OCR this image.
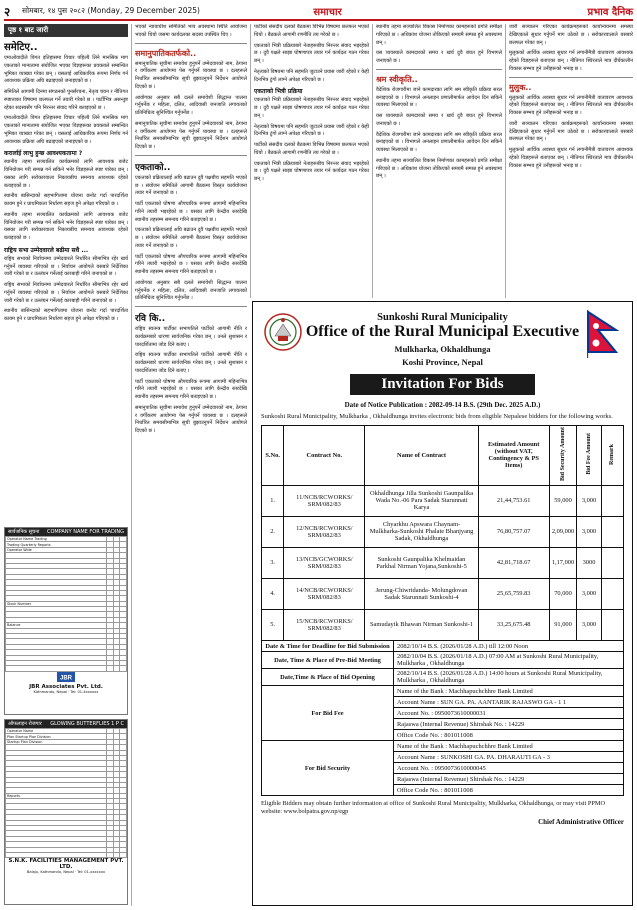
२	सोमबार, १४ पुस २०८२ (Monday, 29 December 2025)	समाचार	प्रभाव दैनिक
पृष्ठ १ बाट जारी
समेटिए..

एमाओवादीले विगत इतिहासमा विचार पहिल्यै लिने मानसिक माग एकताको मान्यतामा संयोजित भएका विज्ञहरूका प्रवक्ताले सम्बन्धित भूमिका व्याख्या गरेका छन् । यसलाई आधिकारिक रूपमा निर्णय गर्न आवश्यक प्रक्रिया अघि बढाइएको जनाइएको छ ।

समितिले आगामी दिनमा संगठनको पुनर्संरचना, नेतृत्व चयन र नीतिगत स्पष्टताका विषयमा छलफल गर्ने तयारी गरेको छ । पार्टीभित्र असन्तुष्ट रहेका सदस्यसँग पनि निरन्तर संवाद गरिने बताइएको छ ।

एमाओवादीले विगत इतिहासमा विचार पहिल्यै लिने मानसिक माग एकताको मान्यतामा संयोजित भएका विज्ञहरूका प्रवक्ताले सम्बन्धित भूमिका व्याख्या गरेका छन् । यसलाई आधिकारिक रूपमा निर्णय गर्न आवश्यक प्रक्रिया अघि बढाइएको जनाइएको छ ।

करार्लाई लाभु हुन्छ आवश्यकतामा ?

स्थानीय तहमा सञ्चालित कार्यक्रमको लागि आवश्यक बजेट विनियोजन गरी सम्पन्न गर्न सकिने भनेर विज्ञहरूले स्पष्ट पारेका छन् । यसका लागि सरोकारवाला निकायबीच समन्वय आवश्यक रहेको बताइएको छ ।

स्थानीय बासिन्दाको सहभागितामा योजना छनोट गर्दा पारदर्शिता कायम हुने र प्राथमिकता निर्धारण सहज हुने अपेक्षा गरिएको छ ।

स्थानीय तहमा सञ्चालित कार्यक्रमको लागि आवश्यक बजेट विनियोजन गरी सम्पन्न गर्न सकिने भनेर विज्ञहरूले स्पष्ट पारेका छन् । यसका लागि सरोकारवाला निकायबीच समन्वय आवश्यक रहेको बताइएको छ ।

राष्ट्रिय सभा उम्मेदवारले बढीमा सधै ...

राष्ट्रिय सभाको निर्वाचनमा उम्मेदवारले निर्धारित सीमाभित्र रहेर खर्च गर्नुपर्ने व्यवस्था गरिएको छ । निर्वाचन आयोगले यसबारे निर्देशिका जारी गरेको छ र उल्लंघन गर्नेलाई कारबाही गरिने जनाएको छ ।

राष्ट्रिय सभाको निर्वाचनमा उम्मेदवारले निर्धारित सीमाभित्र रहेर खर्च गर्नुपर्ने व्यवस्था गरिएको छ । निर्वाचन आयोगले यसबारे निर्देशिका जारी गरेको छ र उल्लंघन गर्नेलाई कारबाही गरिने जनाएको छ ।

स्थानीय बासिन्दाको सहभागितामा योजना छनोट गर्दा पारदर्शिता कायम हुने र प्राथमिकता निर्धारण सहज हुने अपेक्षा गरिएको छ ।

सार्वजनिक सूचना COMPANY NAME FOR TRADING
Operator Name Trading			
Trading Quarterly Reports			
Operator Wide			

Stock Number			

Balance			

JBR
JBR Associates Pvt. Ltd.
Kathmandu, Nepal · Tel: 01-4xxxxxx
ऑफलाइन रोजगार GLOWING BUTTERFLIES 1 P C
Operator Name			
Plan Startup Plan Division			
Startup Plan Division			

Reports			

S.N.K. FACILITIES MANAGEMENT PVT. LTD.
Balaju, Kathmandu, Nepal · Tel: 01-xxxxxxx

भएको न्यायाधीश समितिको भाव अवस्थामा स्थिति आयोजना भएको थियो जसमा कार्यदलका सदस्य उपस्थित थिए ।

समानुपातिकतर्फको..

समानुपातिक सूचीमा समावेश हुनुपर्ने उम्मेदवारको नाम, ठेगाना र वर्गीकरण आयोगमा पेस गर्नुपर्ने व्यवस्था छ । दलहरूले निर्धारित समयसीमाभित्र सूची बुझाउनुपर्ने निर्देशन आयोगले दिएको छ ।

आयोगका अनुसार सबै दलले समावेशी सिद्धान्त पालना गर्नुपर्नेछ र महिला, दलित, आदिवासी जनजाति लगायतको प्रतिनिधित्व सुनिश्चित गर्नुपर्नेछ ।

समानुपातिक सूचीमा समावेश हुनुपर्ने उम्मेदवारको नाम, ठेगाना र वर्गीकरण आयोगमा पेस गर्नुपर्ने व्यवस्था छ । दलहरूले निर्धारित समयसीमाभित्र सूची बुझाउनुपर्ने निर्देशन आयोगले दिएको छ ।

एकताको..

एकताको प्रक्रियालाई अघि बढाउन दुवै पक्षबीच सहमति भएको छ । संयोजन समितिले आगामी बैठकमा विस्तृत कार्ययोजना तयार गर्ने जनाएको छ ।

पार्टी एकताको घोषणा औपचारिक रूपमा आगामी महिनाभित्र गरिने तयारी भइरहेको छ । यसका लागि केन्द्रीय स्तरदेखि स्थानीय तहसम्म समन्वय गरिने बताइएको छ ।

एकताको प्रक्रियालाई अघि बढाउन दुवै पक्षबीच सहमति भएको छ । संयोजन समितिले आगामी बैठकमा विस्तृत कार्ययोजना तयार गर्ने जनाएको छ ।

पार्टी एकताको घोषणा औपचारिक रूपमा आगामी महिनाभित्र गरिने तयारी भइरहेको छ । यसका लागि केन्द्रीय स्तरदेखि स्थानीय तहसम्म समन्वय गरिने बताइएको छ ।

आयोगका अनुसार सबै दलले समावेशी सिद्धान्त पालना गर्नुपर्नेछ र महिला, दलित, आदिवासी जनजाति लगायतको प्रतिनिधित्व सुनिश्चित गर्नुपर्नेछ ।

रवि कि..

राष्ट्रिय स्वतन्त्र पार्टीका सभापतिले पार्टीको आगामी नीति र कार्यक्रमबारे धारणा सार्वजनिक गरेका छन् । उनले सुशासन र पारदर्शितामा जोड दिने बताए ।

राष्ट्रिय स्वतन्त्र पार्टीका सभापतिले पार्टीको आगामी नीति र कार्यक्रमबारे धारणा सार्वजनिक गरेका छन् । उनले सुशासन र पारदर्शितामा जोड दिने बताए ।

पार्टी एकताको घोषणा औपचारिक रूपमा आगामी महिनाभित्र गरिने तयारी भइरहेको छ । यसका लागि केन्द्रीय स्तरदेखि स्थानीय तहसम्म समन्वय गरिने बताइएको छ ।

समानुपातिक सूचीमा समावेश हुनुपर्ने उम्मेदवारको नाम, ठेगाना र वर्गीकरण आयोगमा पेस गर्नुपर्ने व्यवस्था छ । दलहरूले निर्धारित समयसीमाभित्र सूची बुझाउनुपर्ने निर्देशन आयोगले दिएको छ ।

पार्टीको संसदीय दलको बैठकमा विभिन्न विषयमा छलफल भएको थियो । बैठकले आगामी रणनीति तय गरेको छ ।

एकताको भित्री प्रक्रियाबारे नेताहरूबीच निरन्तर संवाद भइरहेको छ । दुवै पक्षले साझा घोषणापत्र तयार गर्न कार्यदल गठन गरेका छन् ।

नेतृत्वको विषयमा पनि सहमति जुटाउने प्रयास जारी रहेको र केही दिनभित्र टुंगो लाग्ने अपेक्षा गरिएको छ ।

एकताको भित्री प्रक्रिया

एकताको भित्री प्रक्रियाबारे नेताहरूबीच निरन्तर संवाद भइरहेको छ । दुवै पक्षले साझा घोषणापत्र तयार गर्न कार्यदल गठन गरेका छन् ।

नेतृत्वको विषयमा पनि सहमति जुटाउने प्रयास जारी रहेको र केही दिनभित्र टुंगो लाग्ने अपेक्षा गरिएको छ ।

पार्टीको संसदीय दलको बैठकमा विभिन्न विषयमा छलफल भएको थियो । बैठकले आगामी रणनीति तय गरेको छ ।

एकताको भित्री प्रक्रियाबारे नेताहरूबीच निरन्तर संवाद भइरहेको छ । दुवै पक्षले साझा घोषणापत्र तयार गर्न कार्यदल गठन गरेका छन् ।

स्थानीय तहमा सञ्चालित विकास निर्माणका कामहरूको प्रगति समीक्षा गरिएको छ । अधिकांश योजना तोकिएको समयमै सम्पन्न हुने अवस्थामा छन् ।

यस व्यवस्थाले कामदारको समय र खर्च दुवै बचत हुने विभागले जनाएको छ ।

श्रम स्वीकृति..

वैदेशिक रोजगारीमा जाने कामदारका लागि श्रम स्वीकृति प्रक्रिया सरल बनाइएको छ । विभागले अनलाइन प्रणालीमार्फत आवेदन दिन सकिने व्यवस्था मिलाएको छ ।

यस व्यवस्थाले कामदारको समय र खर्च दुवै बचत हुने विभागले जनाएको छ ।

वैदेशिक रोजगारीमा जाने कामदारका लागि श्रम स्वीकृति प्रक्रिया सरल बनाइएको छ । विभागले अनलाइन प्रणालीमार्फत आवेदन दिन सकिने व्यवस्था मिलाएको छ ।

स्थानीय तहमा सञ्चालित विकास निर्माणका कामहरूको प्रगति समीक्षा गरिएको छ । अधिकांश योजना तोकिएको समयमै सम्पन्न हुने अवस्थामा छन् ।

जारी सञ्चालन गरिएका कार्यक्रमहरूको कार्यान्वयनमा समस्या देखिएकाले सुधार गर्नुपर्ने माग उठेको छ । सरोकारवालाले यसबारे छलफल गरेका छन् ।

मुलुकको आर्थिक अवस्था सुधार गर्न लगानीमैत्री वातावरण आवश्यक रहेको विज्ञहरूले बताएका छन् । नीतिगत स्थिरताले मात्र दीर्घकालीन विकास सम्भव हुने उनीहरूको भनाइ छ ।

मुलुक..

मुलुकको आर्थिक अवस्था सुधार गर्न लगानीमैत्री वातावरण आवश्यक रहेको विज्ञहरूले बताएका छन् । नीतिगत स्थिरताले मात्र दीर्घकालीन विकास सम्भव हुने उनीहरूको भनाइ छ ।

जारी सञ्चालन गरिएका कार्यक्रमहरूको कार्यान्वयनमा समस्या देखिएकाले सुधार गर्नुपर्ने माग उठेको छ । सरोकारवालाले यसबारे छलफल गरेका छन् ।

मुलुकको आर्थिक अवस्था सुधार गर्न लगानीमैत्री वातावरण आवश्यक रहेको विज्ञहरूले बताएका छन् । नीतिगत स्थिरताले मात्र दीर्घकालीन विकास सम्भव हुने उनीहरूको भनाइ छ ।

Sunkoshi Rural Municipality
Office of the Rural Municipal Executive
Mulkharka, Okhaldhunga
Koshi Province, Nepal
Invitation For Bids
Date of Notice Publication : 2082-09-14 B.S. (29th Dec. 2025 A.D.)
Sunkoshi Rural Municipality, Mulkharka , Okhaldhunga invites electronic bids from eligible Nepalese bidders for the following works.
S.No.	Contract No.	Name of Contract	Estimated Amount (without VAT, Contingency & PS Items)	Bid Security Amount	Bid Fee Amount	Remark
1.	11/NCB/RCWORKS/ SRM/082/83	Okhaldhunga Jilla Sunkoshi Gaunpalika Wada No.-06 Para Sadak Starunnati Karya	21,44,753.61	59,000	3,000	
2.	12/NCB/RCWORKS/ SRM/082/83	Chyarkhu Apswara Chaynam- Mulkharka-Sunkoshi Phalate Bhanjyang Sadak, Okhaldhunga	76,80,757.07	2,09,000	3,000	
3.	13/NCB/GCWORKS/ SRM/082/83	Sunkoshi Gaunpalika Khelmaidan Parkhal Nirman Yojana,Sunkoshi-5	42,81,718.67	1,17,000	3000	
4.	14/NCB/RCWORKS/ SRM/082/83	Jerung-Chiwridanda- Molungdovan Sadak Starunnati Sunkoshi-4	25,65,759.83	70,000	3,000	
5.	15/NCB/RCWORKS/ SRM/082/83	Samudayik Bhawan Nirman Sunkoshi-1	33,25,675.48	91,000	3,000	
Date & Time for Deadline for Bid Submission	2082/10/14 B.S. (2026/01/28 A.D.) till 12:00 Noon
Date, Time & Place of Pre-Bid Meeting	2082/10/04 B.S. (2026/01/18 A.D.) 07:00 AM at Sunkoshi Rural Municipality, Mulkharka , Okhaldhunga
Date,Time & Place of Bid Opening	2082/10/14 B.S. (2026/01/28 A.D.) 14:00 hours at Sunkoshi Rural Municipality, Mulkharka , Okhaldhunga
For Bid Fee	Name of the Bank : Machhapuchchhre Bank Limited
	Account Name : SUN GA. PA. AANTARIK RAJASWO GA - 1 1
	Account No. : 0950073610000031
	Rajaswa (Internal Revenue) Shirshak No. : 14229
	Office Code No. : 801011008
For Bid Security	Name of the Bank : Machhapuchchhre Bank Limited
	Account Name : SUNKOSHI GA. PA. DHARAUTI GA - 3
	Account No. : 0950073610000045
	Rajaswa (Internal Revenue) Shirshak No. : 14229
	Office Code No. : 801011008
Eligible Bidders may obtain further information at office of Sunkoshi Rural Municipality, Mulkharka, Okhaldhunga, or may visit PPMO website: www.bolpatra.gov.np/egp
Chief Administrative Officer
